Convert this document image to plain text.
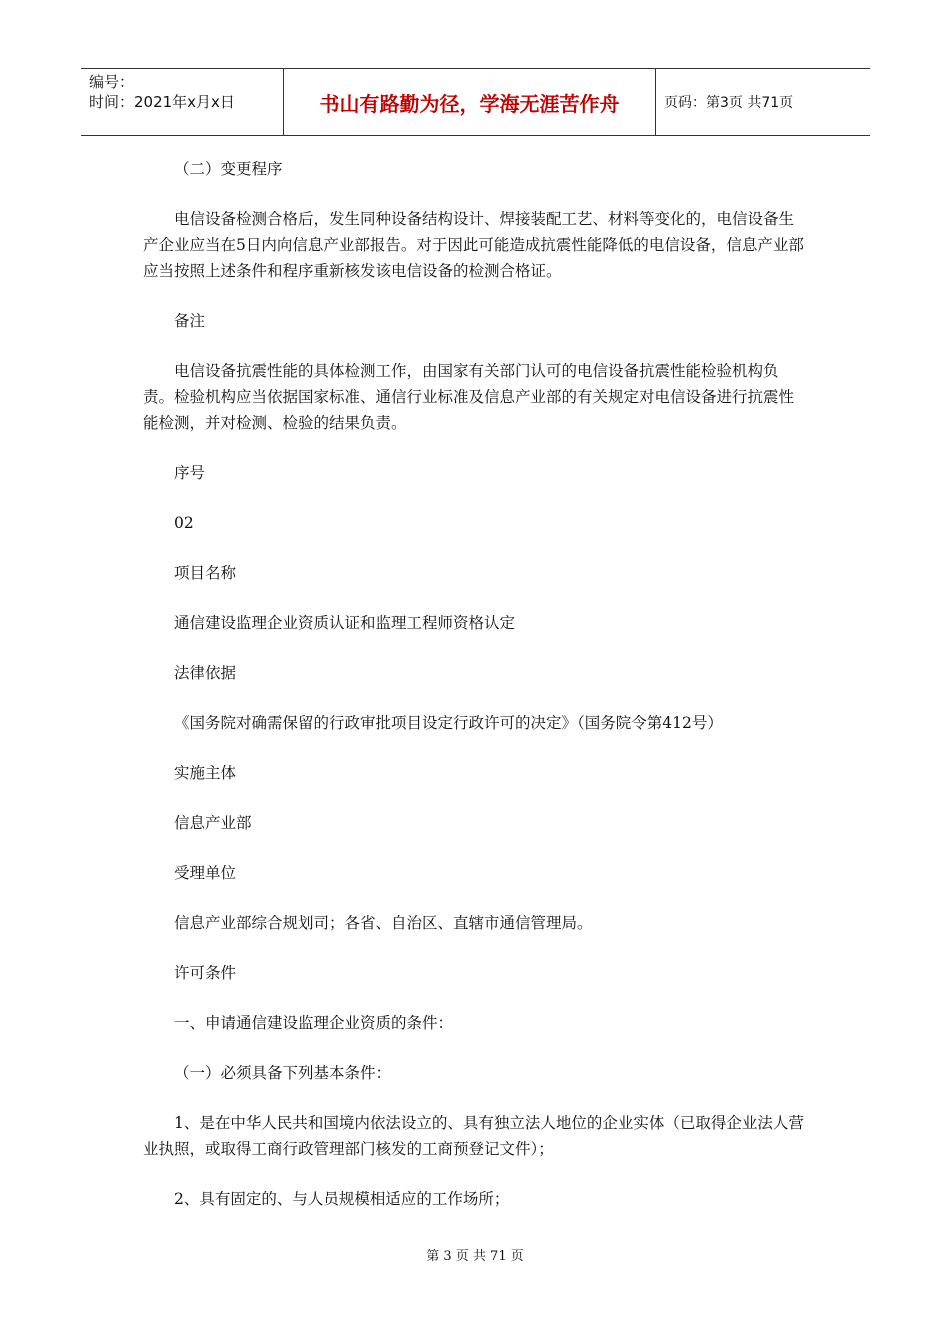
编号：
时间：2021年x月x日	书山有路勤为径，学海无涯苦作舟	页码：第3页 共71页

（二）变更程序

电信设备检测合格后，发生同种设备结构设计、焊接装配工艺、材料等变化的，电信设备生产企业应当在5日内向信息产业部报告。对于因此可能造成抗震性能降低的电信设备，信息产业部应当按照上述条件和程序重新核发该电信设备的检测合格证。

备注

电信设备抗震性能的具体检测工作，由国家有关部门认可的电信设备抗震性能检验机构负责。检验机构应当依据国家标准、通信行业标准及信息产业部的有关规定对电信设备进行抗震性能检测，并对检测、检验的结果负责。

序号

02

项目名称

通信建设监理企业资质认证和监理工程师资格认定

法律依据

《国务院对确需保留的行政审批项目设定行政许可的决定》（国务院令第412号）

实施主体

信息产业部

受理单位

信息产业部综合规划司；各省、自治区、直辖市通信管理局。

许可条件

一、申请通信建设监理企业资质的条件：

（一）必须具备下列基本条件：

1、是在中华人民共和国境内依法设立的、具有独立法人地位的企业实体（已取得企业法人营业执照，或取得工商行政管理部门核发的工商预登记文件）；

2、具有固定的、与人员规模相适应的工作场所；

第 3 页 共 71 页
